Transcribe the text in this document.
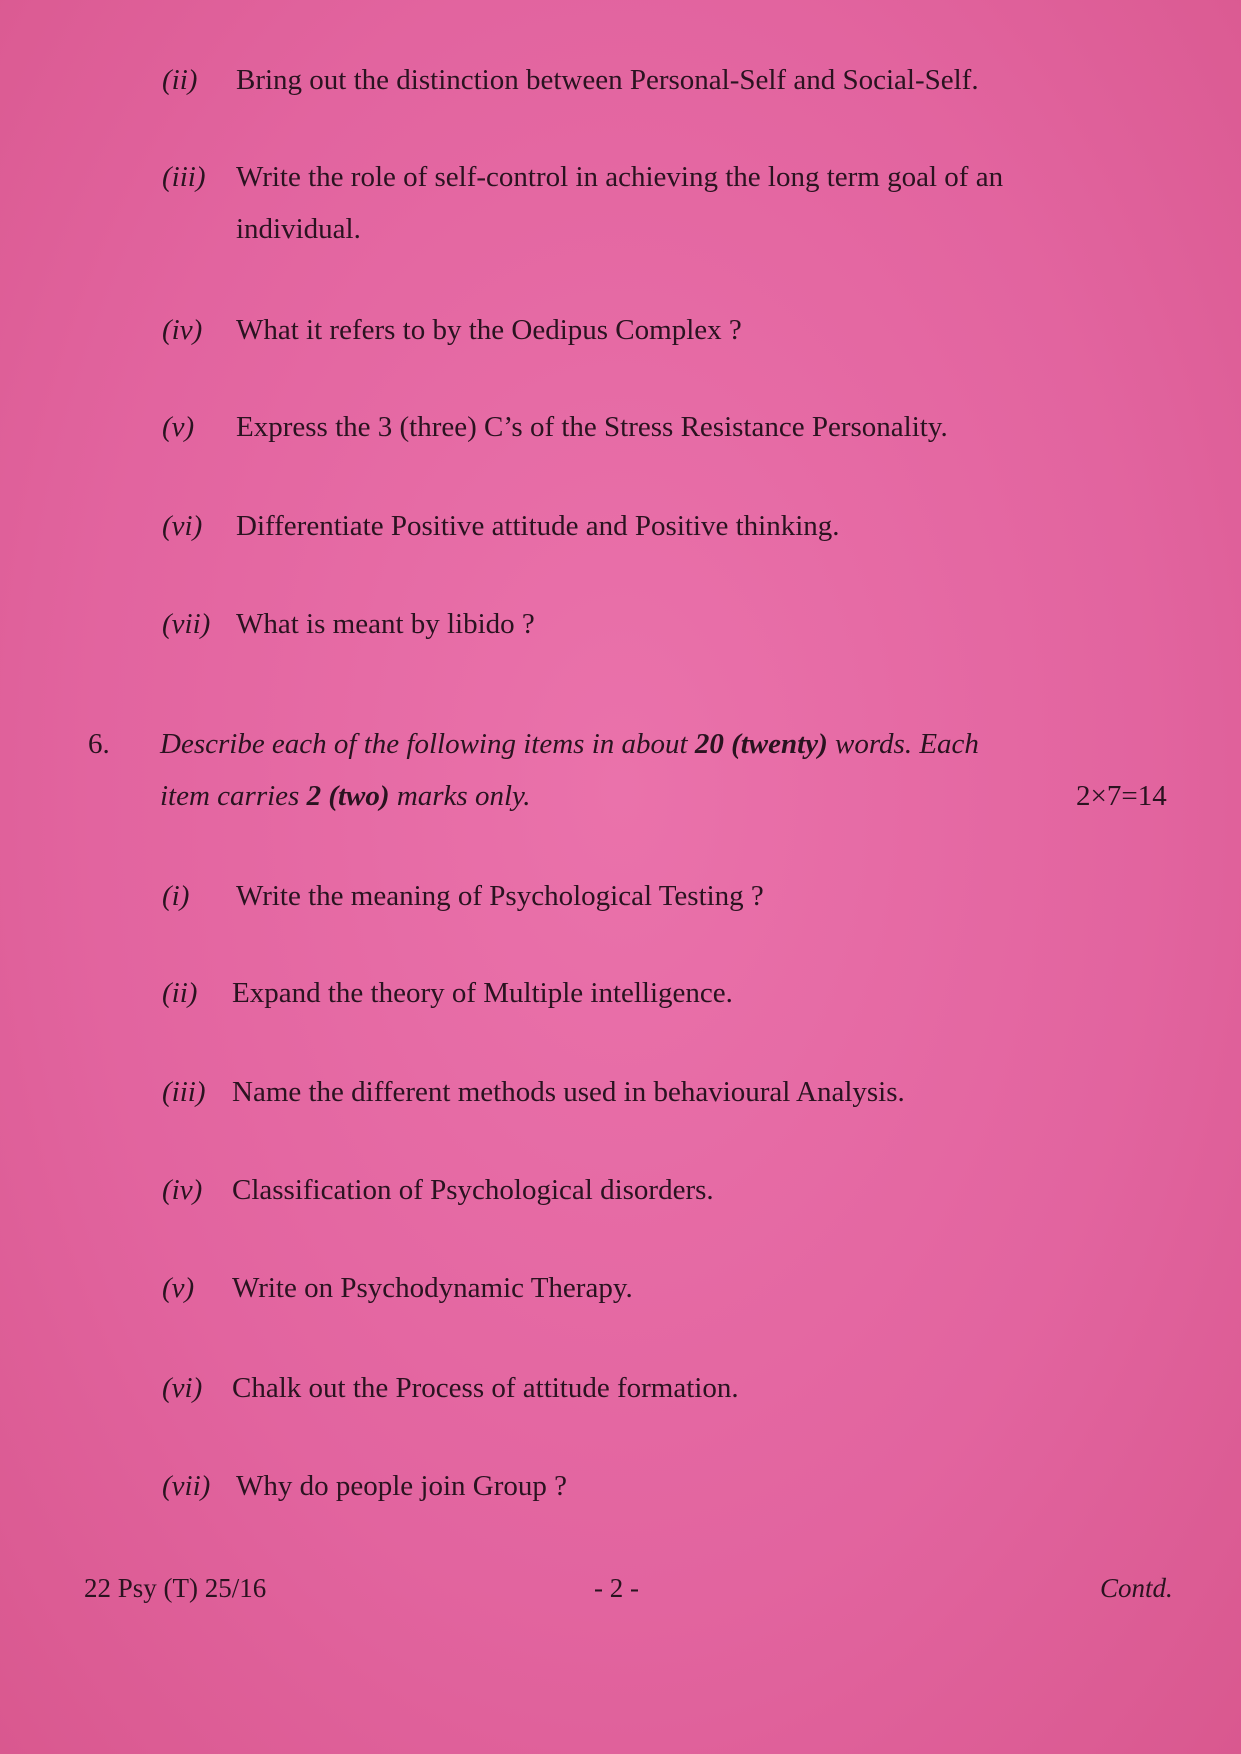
(ii) Bring out the distinction between Personal-Self and Social-Self.
(iii) Write the role of self-control in achieving the long term goal of an
individual.
(iv) What it refers to by the Oedipus Complex ?
(v) Express the 3 (three) C’s of the Stress Resistance Personality.
(vi) Differentiate Positive attitude and Positive thinking.
(vii) What is meant by libido ?
6. Describe each of the following items in about 20 (twenty) words. Each
item carries 2 (two) marks only.	2×7=14
(i) Write the meaning of Psychological Testing ?
(ii) Expand the theory of Multiple intelligence.
(iii) Name the different methods used in behavioural Analysis.
(iv) Classification of Psychological disorders.
(v) Write on Psychodynamic Therapy.
(vi) Chalk out the Process of attitude formation.
(vii) Why do people join Group ?
22 Psy (T) 25/16	- 2 -	Contd.
